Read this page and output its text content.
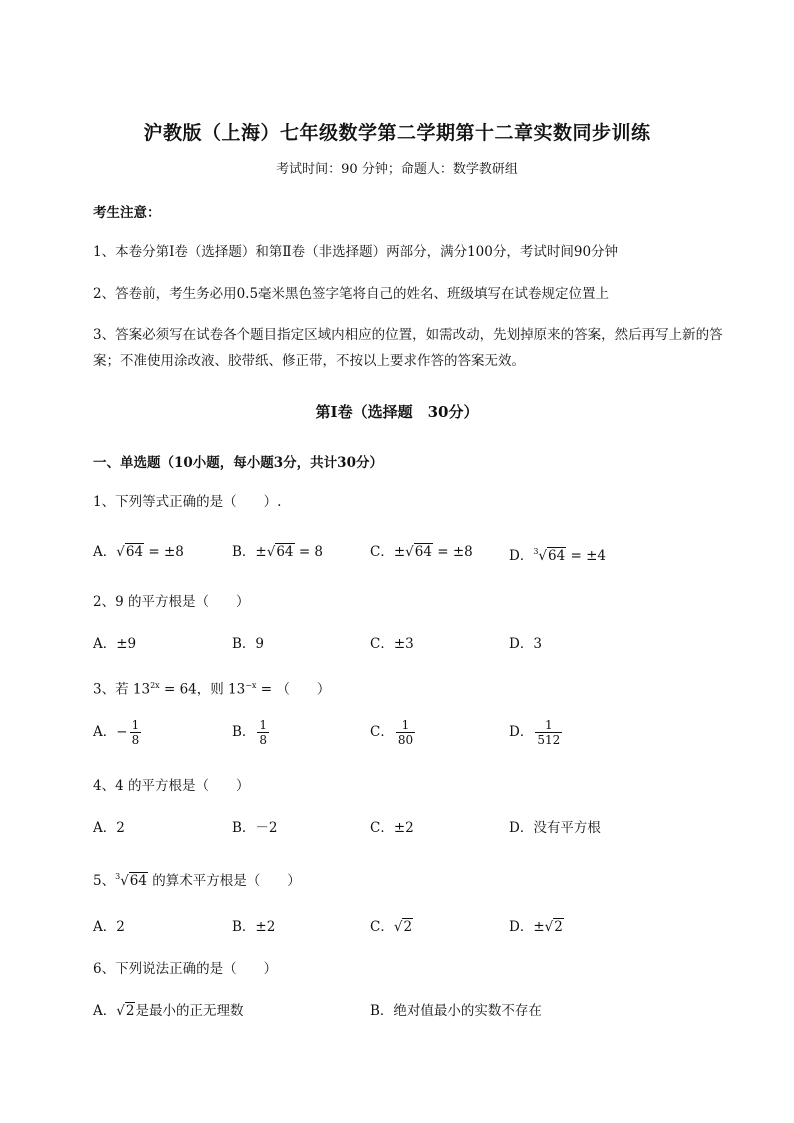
沪教版（上海）七年级数学第二学期第十二章实数同步训练
考试时间：90 分钟；命题人：数学教研组
考生注意：
1、本卷分第Ⅰ卷（选择题）和第Ⅱ卷（非选择题）两部分，满分100分，考试时间90分钟
2、答卷前，考生务必用0.5毫米黑色签字笔将自己的姓名、班级填写在试卷规定位置上
3、答案必须写在试卷各个题目指定区域内相应的位置，如需改动，先划掉原来的答案，然后再写上新的答案；不准使用涂改液、胶带纸、修正带，不按以上要求作答的答案无效。
第Ⅰ卷（选择题　30分）
一、单选题（10小题，每小题3分，共计30分）
1、下列等式正确的是（　　）.
A．√64 = ±8	B．±√64 = 8	C．±√64 = ±8	D．$^3$√64 = ±4
2、9 的平方根是（　　）
A．±9	B．9	C．±3	D．3
3、若 $13^{2x} = 64$，则 $13^{-x}$ = （　　）
A．− $\frac{1}{8}$	B． $\frac{1}{8}$	C． $\frac{1}{80}$	D． $\frac{1}{512}$
4、4 的平方根是（　　）
A．2	B．－2	C．±2	D．没有平方根
5、$^3$√64 的算术平方根是（　　）
A．2	B．±2	C．√2	D．±√2
6、下列说法正确的是（　　）
A．√2是最小的正无理数	B．绝对值最小的实数不存在
